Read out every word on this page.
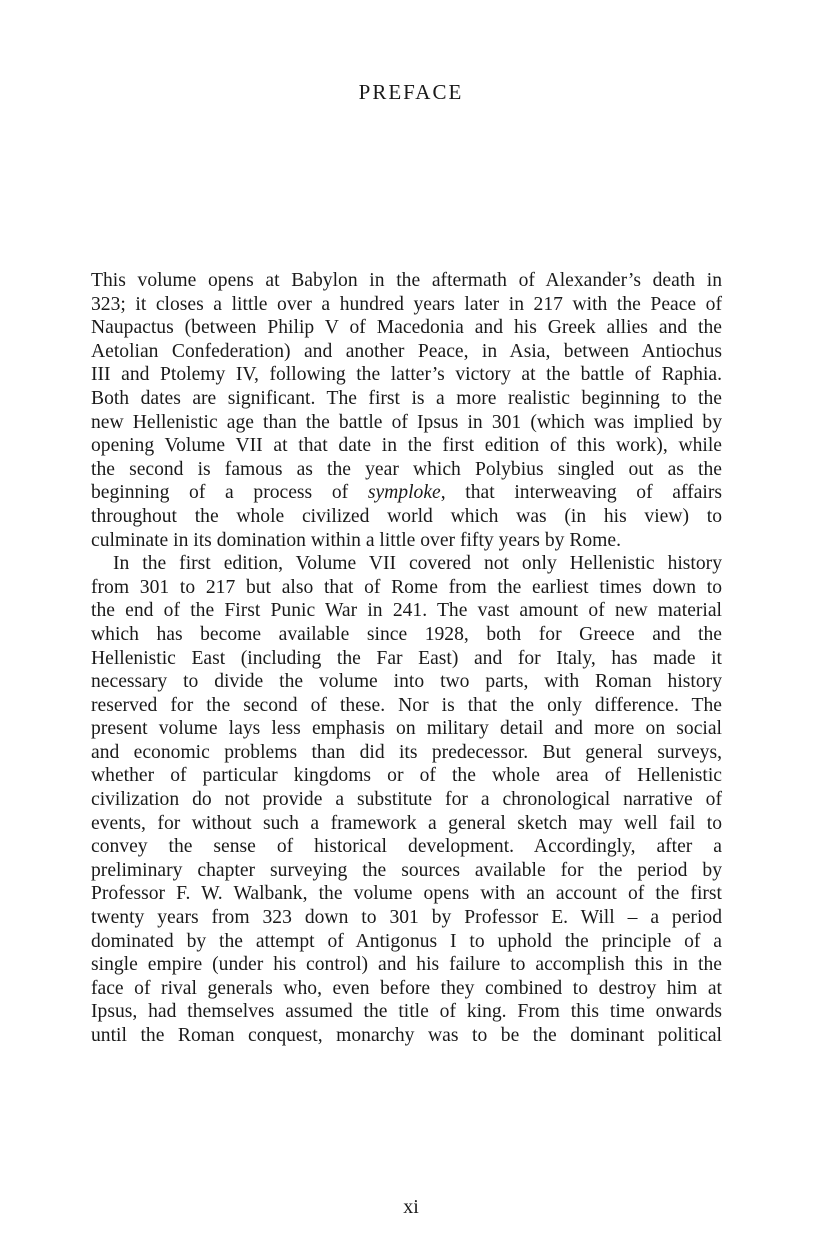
PREFACE
This volume opens at Babylon in the aftermath of Alexander’s death in
323; it closes a little over a hundred years later in 217 with the Peace of
Naupactus (between Philip V of Macedonia and his Greek allies and the
Aetolian Confederation) and another Peace, in Asia, between Antiochus
III and Ptolemy IV, following the latter’s victory at the battle of Raphia.
Both dates are significant. The first is a more realistic beginning to the
new Hellenistic age than the battle of Ipsus in 301 (which was implied by
opening Volume VII at that date in the first edition of this work), while
the second is famous as the year which Polybius singled out as the
beginning of a process of symploke, that interweaving of affairs
throughout the whole civilized world which was (in his view) to
culminate in its domination within a little over fifty years by Rome.
In the first edition, Volume VII covered not only Hellenistic history
from 301 to 217 but also that of Rome from the earliest times down to
the end of the First Punic War in 241. The vast amount of new material
which has become available since 1928, both for Greece and the
Hellenistic East (including the Far East) and for Italy, has made it
necessary to divide the volume into two parts, with Roman history
reserved for the second of these. Nor is that the only difference. The
present volume lays less emphasis on military detail and more on social
and economic problems than did its predecessor. But general surveys,
whether of particular kingdoms or of the whole area of Hellenistic
civilization do not provide a substitute for a chronological narrative of
events, for without such a framework a general sketch may well fail to
convey the sense of historical development. Accordingly, after a
preliminary chapter surveying the sources available for the period by
Professor F. W. Walbank, the volume opens with an account of the first
twenty years from 323 down to 301 by Professor E. Will – a period
dominated by the attempt of Antigonus I to uphold the principle of a
single empire (under his control) and his failure to accomplish this in the
face of rival generals who, even before they combined to destroy him at
Ipsus, had themselves assumed the title of king. From this time onwards
until the Roman conquest, monarchy was to be the dominant political
xi
